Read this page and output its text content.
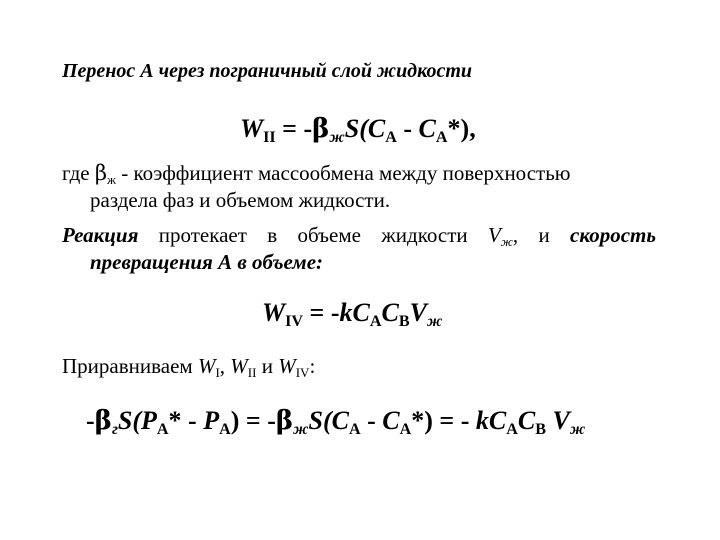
Перенос А через пограничный слой жидкости
$W_{II} = -\beta_жS(C_A - C_A*)$,
где $\beta_ж$ - коэффициент массообмена между поверхностью
раздела фаз и объемом жидкости.
Реакция протекает в объеме жидкости $V_ж$, и скорость
превращения А в объеме:
$W_{IV} = -kC_AC_BV_ж$
Приравниваем $W_I$, $W_{II}$ и $W_{IV}$:
$-\beta_гS(P_A* - P_A) = -\beta_жS(C_A - C_A*)$ = - $kC_AC_B$ $V_ж$
